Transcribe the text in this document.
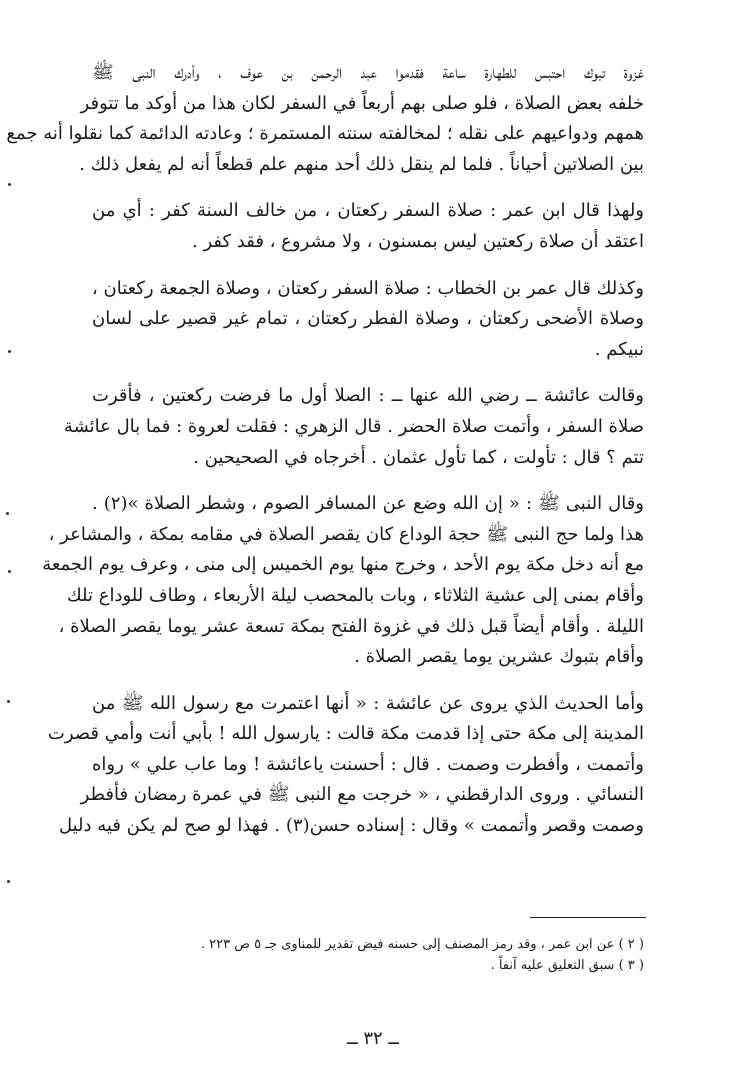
غزوة تبوك احتبس للطهارة ساعة فقدموا عبد الرحمن بن عوف ، وأدرك النبى ﷺ
خلفه بعض الصلاة ، فلو صلى بهم أربعاً في السفر لكان هذا من أوكد ما تتوفر
همهم ودواعيهم على نقله ؛ لمخالفته سنته المستمرة ؛ وعادته الدائمة كما نقلوا أنه جمع
بين الصلاتين أحياناً . فلما لم ينقل ذلك أحد منهم علم قطعاً أنه لم يفعل ذلك .

ولهذا قال ابن عمر : صلاة السفر ركعتان ، من خالف السنة كفر : أي من
اعتقد أن صلاة ركعتين ليس بمسنون ، ولا مشروع ، فقد كفر .

وكذلك قال عمر بن الخطاب : صلاة السفر ركعتان ، وصلاة الجمعة ركعتان ،
وصلاة الأضحى ركعتان ، وصلاة الفطر ركعتان ، تمام غير قصير على لسان
نبيكم .

وقالت عائشة ــ رضي الله عنها ــ : الصلا أول ما فرضت ركعتين ، فأقرت
صلاة السفر ، وأتمت صلاة الحضر . قال الزهري : فقلت لعروة : فما بال عائشة
تتم ؟ قال : تأولت ، كما تأول عثمان . أخرجاه في الصحيحين .

وقال النبى ﷺ : « إن الله وضع عن المسافر الصوم ، وشطر الصلاة »(٢) .
هذا ولما حج النبى ﷺ حجة الوداع كان يقصر الصلاة في مقامه بمكة ، والمشاعر ،
مع أنه دخل مكة يوم الأحد ، وخرج منها يوم الخميس إلى منى ، وعرف يوم الجمعة
وأقام بمنى إلى عشية الثلاثاء ، وبات بالمحصب ليلة الأربعاء ، وطاف للوداع تلك
الليلة . وأقام أيضاً قبل ذلك في غزوة الفتح بمكة تسعة عشر يوما يقصر الصلاة ،
وأقام بتبوك عشرين يوما يقصر الصلاة .

وأما الحديث الذي يروى عن عائشة : « أنها اعتمرت مع رسول الله ﷺ من
المدينة إلى مكة حتى إذا قدمت مكة قالت : يارسول الله ! بأبي أنت وأمي قصرت
وأتممت ، وأفطرت وصمت . قال : أحسنت ياعائشة ! وما عاب علي » رواه
النسائي . وروى الدارقطني ، « خرجت مع النبى ﷺ في عمرة رمضان فأفطر
وصمت وقصر وأتممت » وقال : إسناده حسن(٣) . فهذا لو صح لم يكن فيه دليل

( ٢ ) عن ابن عمر ، وقد رمز المصنف إلى حسنه فيض تقدير للمناوى جـ ٥ ص ٢٢٣ .
( ٣ ) سبق التعليق عليه آنفاً .
ــ ٣٢ ــ
